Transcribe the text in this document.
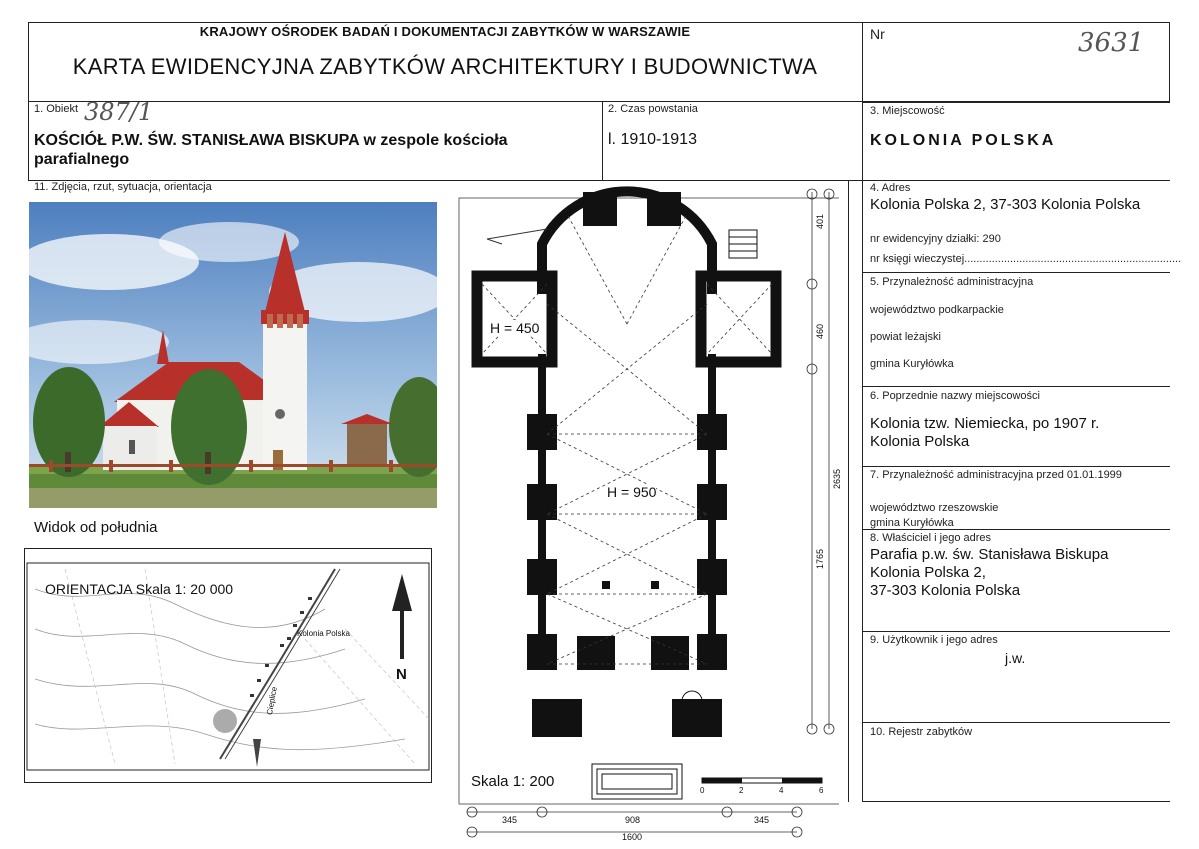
KRAJOWY OŚRODEK BADAŃ I DOKUMENTACJI ZABYTKÓW W WARSZAWIE
KARTA EWIDENCYJNA ZABYTKÓW ARCHITEKTURY I BUDOWNICTWA
Nr	3631
1. Obiekt 387/1
KOŚCIÓŁ P.W. ŚW. STANISŁAWA BISKUPA w zespole kościoła parafialnego
2. Czas powstania
l. 1910-1913
3. Miejscowość
KOLONIA POLSKA
11. Zdjęcia, rzut, sytuacja, orientacja
Widok od południa
ORIENTACJA Skala 1: 20 000
N
Kolonia Polska
Cieplice
H = 450
H = 950
Skala 1: 200
0	2	4	6
401
460
2635
1765
345	908	345
1600
4. Adres
Kolonia Polska 2, 37-303 Kolonia Polska
nr ewidencyjny działki: 290
nr księgi wieczystej.......................................................................
5. Przynależność administracyjna
województwo podkarpackie
powiat leżajski
gmina Kuryłówka
6. Poprzednie nazwy miejscowości
Kolonia tzw. Niemiecka, po 1907 r.
Kolonia Polska
7. Przynależność administracyjna przed 01.01.1999
województwo rzeszowskie
gmina Kuryłówka
8. Właściciel i jego adres
Parafia p.w. św. Stanisława Biskupa
Kolonia Polska 2,
37-303 Kolonia Polska
9. Użytkownik i jego adres
j.w.
10. Rejestr zabytków
